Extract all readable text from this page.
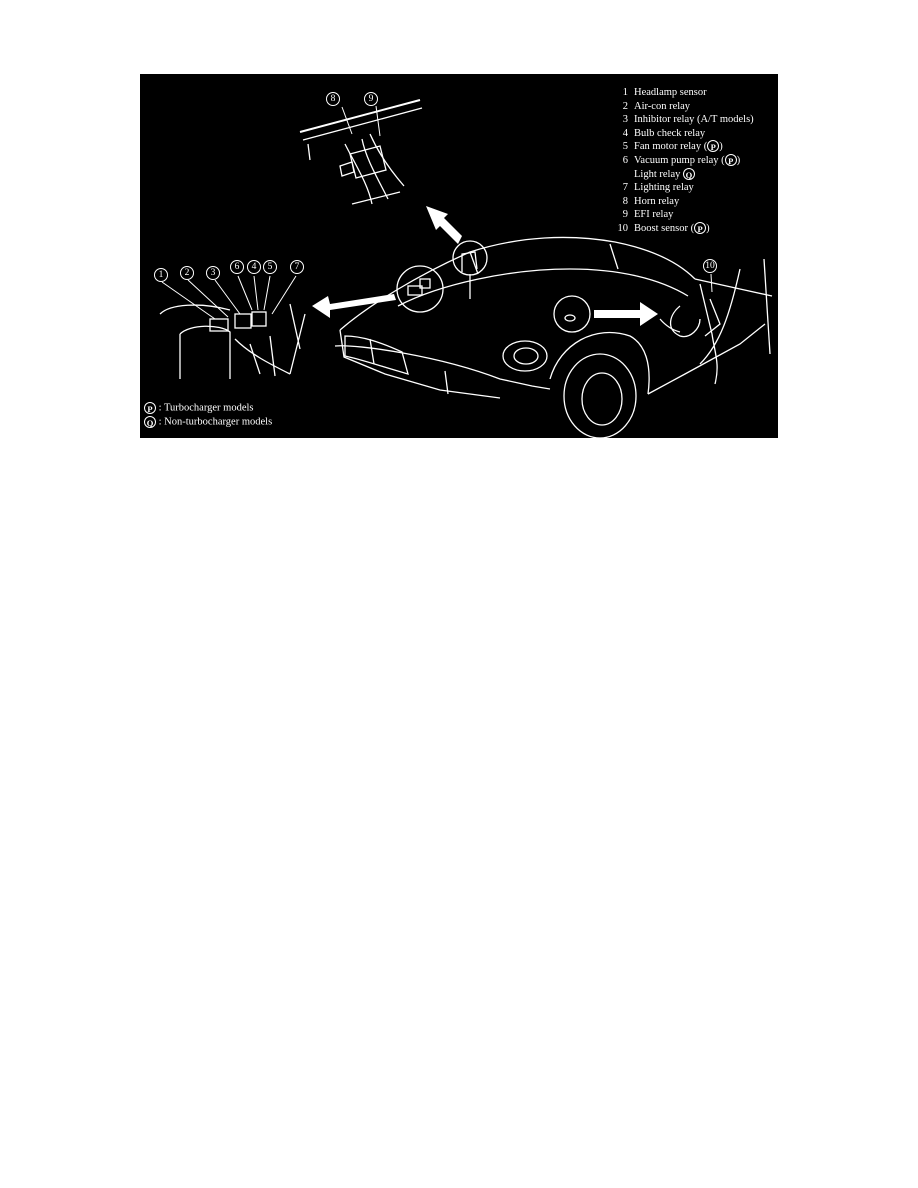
8	9
1	2	3
6	4	5	7	10
1 Headlamp sensor
2 Air-con relay
3 Inhibitor relay (A/T models)
4 Bulb check relay
5 Fan motor relay ( P )
6 Vacuum pump relay ( P )
Light relay
Q
7 Lighting relay
8 Horn relay
9 EFI relay
10 Boost sensor ( P )
P : Turbocharger models
Q : Non-turbocharger models
